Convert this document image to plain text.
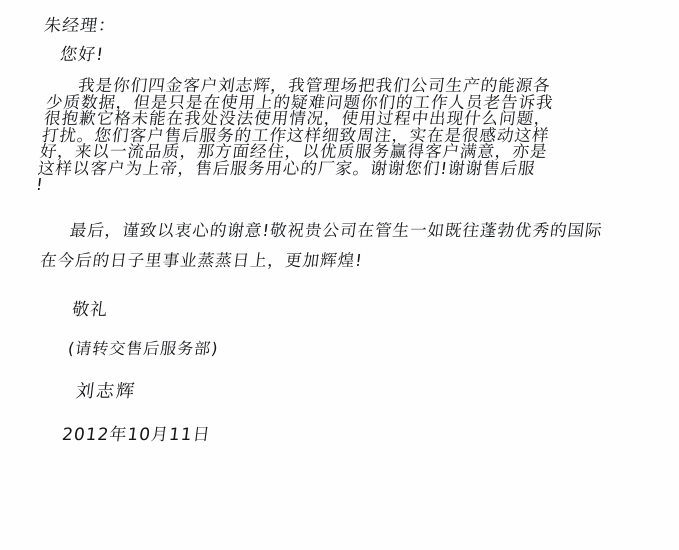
朱经理：
您好!
我是你们四金客户刘志辉，我管理场把我们公司生产的能源各
少质数据，但是只是在使用上的疑难问题你们的工作人员老告诉我
很抱歉它格未能在我处没法使用情况，使用过程中出现什么问题，
打扰。您们客户售后服务的工作这样细致周注，实在是很感动这样
好，来以一流品质，那方面经住，以优质服务赢得客户满意，亦是
这样以客户为上帝，售后服务用心的厂家。谢谢您们!谢谢售后服
!
最后，谨致以衷心的谢意!敬祝贵公司在管生一如既往蓬勃优秀的国际 在今后的日子里事业蒸蒸日上，更加辉煌!
敬礼
(请转交售后服务部)
刘志辉
2012年10月11日
